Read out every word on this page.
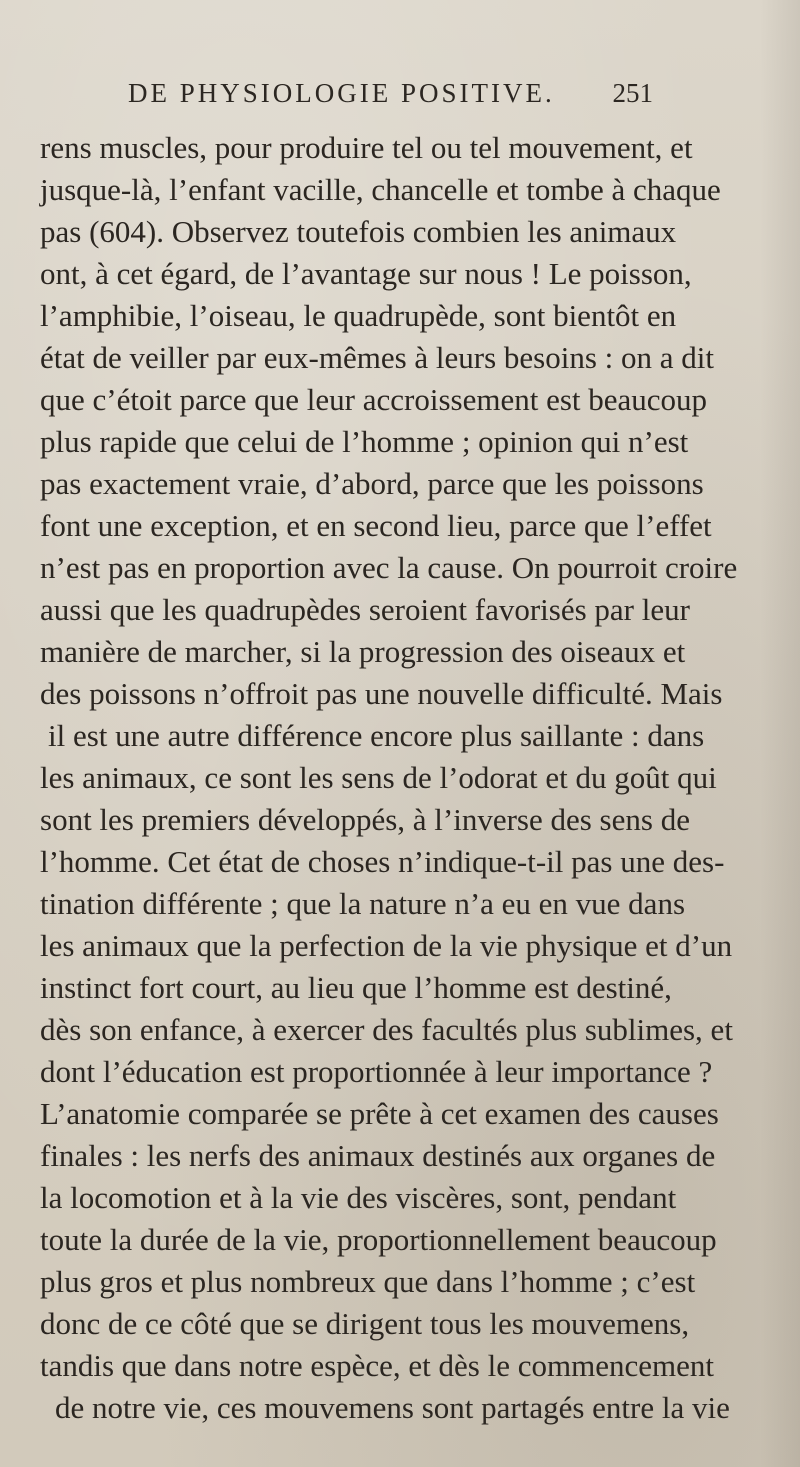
DE PHYSIOLOGIE POSITIVE. 251
rens muscles, pour produire tel ou tel mouvement, et
jusque-là, l’enfant vacille, chancelle et tombe à chaque
pas (604). Observez toutefois combien les animaux
ont, à cet égard, de l’avantage sur nous ! Le poisson,
l’amphibie, l’oiseau, le quadrupède, sont bientôt en
état de veiller par eux-mêmes à leurs besoins : on a dit
que c’étoit parce que leur accroissement est beaucoup
plus rapide que celui de l’homme ; opinion qui n’est
pas exactement vraie, d’abord, parce que les poissons
font une exception, et en second lieu, parce que l’effet
n’est pas en proportion avec la cause. On pourroit croire
aussi que les quadrupèdes seroient favorisés par leur
manière de marcher, si la progression des oiseaux et
des poissons n’offroit pas une nouvelle difficulté. Mais
il est une autre différence encore plus saillante : dans
les animaux, ce sont les sens de l’odorat et du goût qui
sont les premiers développés, à l’inverse des sens de
l’homme. Cet état de choses n’indique-t-il pas une des-
tination différente ; que la nature n’a eu en vue dans
les animaux que la perfection de la vie physique et d’un
instinct fort court, au lieu que l’homme est destiné,
dès son enfance, à exercer des facultés plus sublimes, et
dont l’éducation est proportionnée à leur importance ?
L’anatomie comparée se prête à cet examen des causes
finales : les nerfs des animaux destinés aux organes de
la locomotion et à la vie des viscères, sont, pendant
toute la durée de la vie, proportionnellement beaucoup
plus gros et plus nombreux que dans l’homme ; c’est
donc de ce côté que se dirigent tous les mouvemens,
tandis que dans notre espèce, et dès le commencement
de notre vie, ces mouvemens sont partagés entre la vie
